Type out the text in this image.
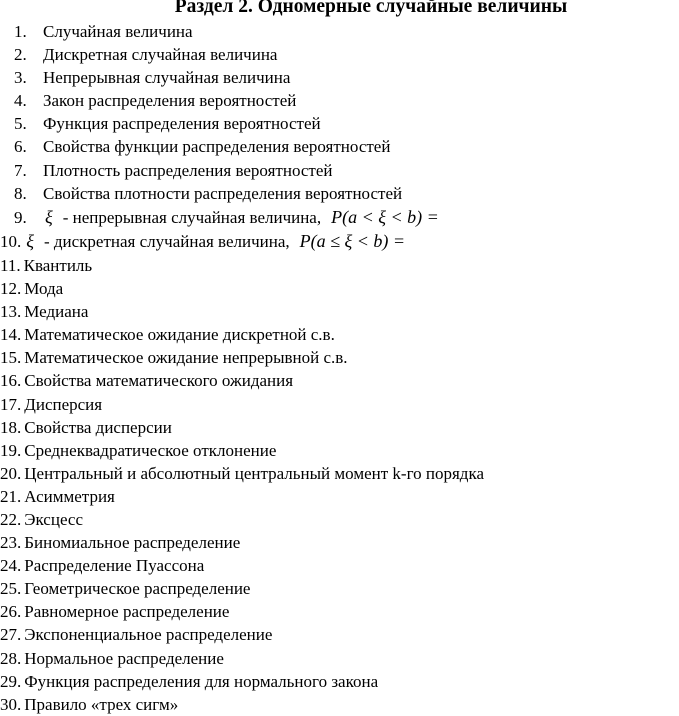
Раздел 2. Одномерные случайные величины
1. Случайная величина
2. Дискретная случайная величина
3. Непрерывная случайная величина
4. Закон распределения вероятностей
5. Функция распределения вероятностей
6. Свойства функции распределения вероятностей
7. Плотность распределения вероятностей
8. Свойства плотности распределения вероятностей
9. ξ - непрерывная случайная величина, P(a < ξ < b) =
10. ξ - дискретная случайная величина, P(a ≤ ξ < b) =
11. Квантиль
12. Мода
13. Медиана
14. Математическое ожидание дискретной с.в.
15. Математическое ожидание непрерывной с.в.
16. Свойства математического ожидания
17. Дисперсия
18. Свойства дисперсии
19. Среднеквадратическое отклонение
20. Центральный и абсолютный центральный момент k-го порядка
21. Асимметрия
22. Эксцесс
23. Биномиальное распределение
24. Распределение Пуассона
25. Геометрическое распределение
26. Равномерное распределение
27. Экспоненциальное распределение
28. Нормальное распределение
29. Функция распределения для нормального закона
30. Правило «трех сигм»
